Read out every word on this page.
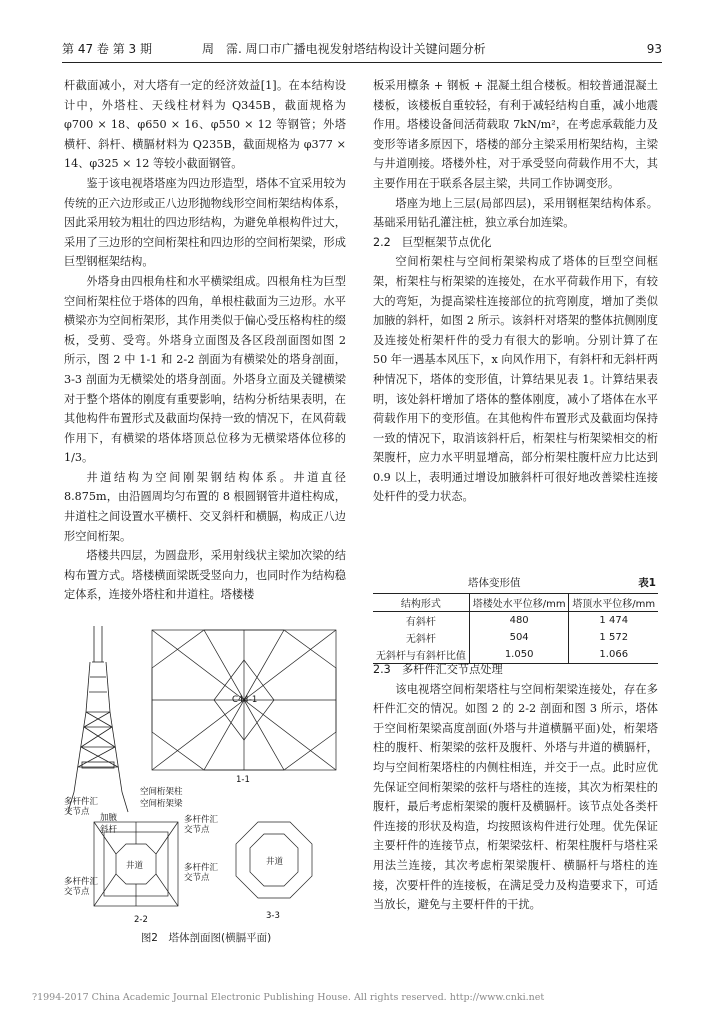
第 47 卷 第 3 期	周　霈. 周口市广播电视发射塔结构设计关键问题分析	93

杆截面减小，对大塔有一定的经济效益[1]。在本结构设计中，外塔柱、天线柱材料为 Q345B，截面规格为 φ700 × 18、φ650 × 16、φ550 × 12 等钢管；外塔横杆、斜杆、横膈材料为 Q235B，截面规格为 φ377 × 14、φ325 × 12 等较小截面钢管。

鉴于该电视塔塔座为四边形造型，塔体不宜采用较为传统的正六边形或正八边形抛物线形空间桁架结构体系，因此采用较为粗壮的四边形结构，为避免单根构件过大，采用了三边形的空间桁架柱和四边形的空间桁架梁，形成巨型钢框架结构。

外塔身由四根角柱和水平横梁组成。四根角柱为巨型空间桁架柱位于塔体的四角，单根柱截面为三边形。水平横梁亦为空间桁架形，其作用类似于偏心受压格构柱的缀板，受剪、受弯。外塔身立面图及各区段剖面图如图 2 所示，图 2 中 1-1 和 2-2 剖面为有横梁处的塔身剖面，3-3 剖面为无横梁处的塔身剖面。外塔身立面及关键横梁对于整个塔体的刚度有重要影响，结构分析结果表明，在其他构件布置形式及截面均保持一致的情况下，在风荷载作用下，有横梁的塔体塔顶总位移为无横梁塔体位移的1/3。

井道结构为空间刚架钢结构体系。井道直径 8.875m，由沿圆周均匀布置的 8 根圆钢管井道柱构成，井道柱之间设置水平横杆、交叉斜杆和横膈，构成正八边形空间桁架。

塔楼共四层，为圆盘形，采用射线状主梁加次梁的结构布置方式。塔楼横面梁既受竖向力，也同时作为结构稳定体系，连接外塔柱和井道柱。塔楼楼

加腋
斜杆
C44-1
1-1
井道
2-2
多杆件汇
交节点
空间桁架柱
空间桁架梁
多杆件汇
交节点
多杆件汇
交节点
多杆件汇
交节点
井道
3-3
图2　塔体剖面图(横膈平面)

板采用檩条 + 钢板 + 混凝土组合楼板。相较普通混凝土楼板，该楼板自重较轻，有利于减轻结构自重，减小地震作用。塔楼设备间活荷载取 7kN/m²，在考虑承载能力及变形等诸多原因下，塔楼的部分主梁采用桁架结构，主梁与井道刚接。塔楼外柱，对于承受竖向荷载作用不大，其主要作用在于联系各层主梁，共同工作协调变形。

塔座为地上三层(局部四层)，采用钢框架结构体系。基础采用钻孔灌注桩，独立承台加连梁。

2.2　巨型框架节点优化

空间桁架柱与空间桁架梁构成了塔体的巨型空间框架，桁架柱与桁架梁的连接处，在水平荷载作用下，有较大的弯矩，为提高梁柱连接部位的抗弯刚度，增加了类似加腋的斜杆，如图 2 所示。该斜杆对塔架的整体抗侧刚度及连接处桁架杆件的受力有很大的影响。分别计算了在 50 年一遇基本风压下，x 向风作用下，有斜杆和无斜杆两种情况下，塔体的变形值，计算结果见表 1。计算结果表明，该处斜杆增加了塔体的整体刚度，减小了塔体在水平荷载作用下的变形值。在其他构件布置形式及截面均保持一致的情况下，取消该斜杆后，桁架柱与桁架梁相交的桁架腹杆，应力水平明显增高，部分桁架柱腹杆应力比达到 0.9 以上，表明通过增设加腋斜杆可很好地改善梁柱连接处杆件的受力状态。

塔体变形值	表1
结构形式	塔楼处水平位移/mm	塔顶水平位移/mm
有斜杆	480	1 474
无斜杆	504	1 572
无斜杆与有斜杆比值	1.050	1.066
2.3　多杆件汇交节点处理

该电视塔空间桁架塔柱与空间桁架梁连接处，存在多杆件汇交的情况。如图 2 的 2-2 剖面和图 3 所示，塔体于空间桁架梁高度剖面(外塔与井道横膈平面)处，桁架塔柱的腹杆、桁架梁的弦杆及腹杆、外塔与井道的横膈杆，均与空间桁架塔柱的内侧柱相连，并交于一点。此时应优先保证空间桁架梁的弦杆与塔柱的连接，其次为桁架柱的腹杆，最后考虑桁架梁的腹杆及横膈杆。该节点处各类杆件连接的形状及构造，均按照该构件进行处理。优先保证主要杆件的连接节点，桁架梁弦杆、桁架柱腹杆与塔柱采用法兰连接，其次考虑桁架梁腹杆、横膈杆与塔柱的连接，次要杆件的连接板，在满足受力及构造要求下，可适当放长，避免与主要杆件的干扰。

?1994-2017 China Academic Journal Electronic Publishing House. All rights reserved. http://www.cnki.net
